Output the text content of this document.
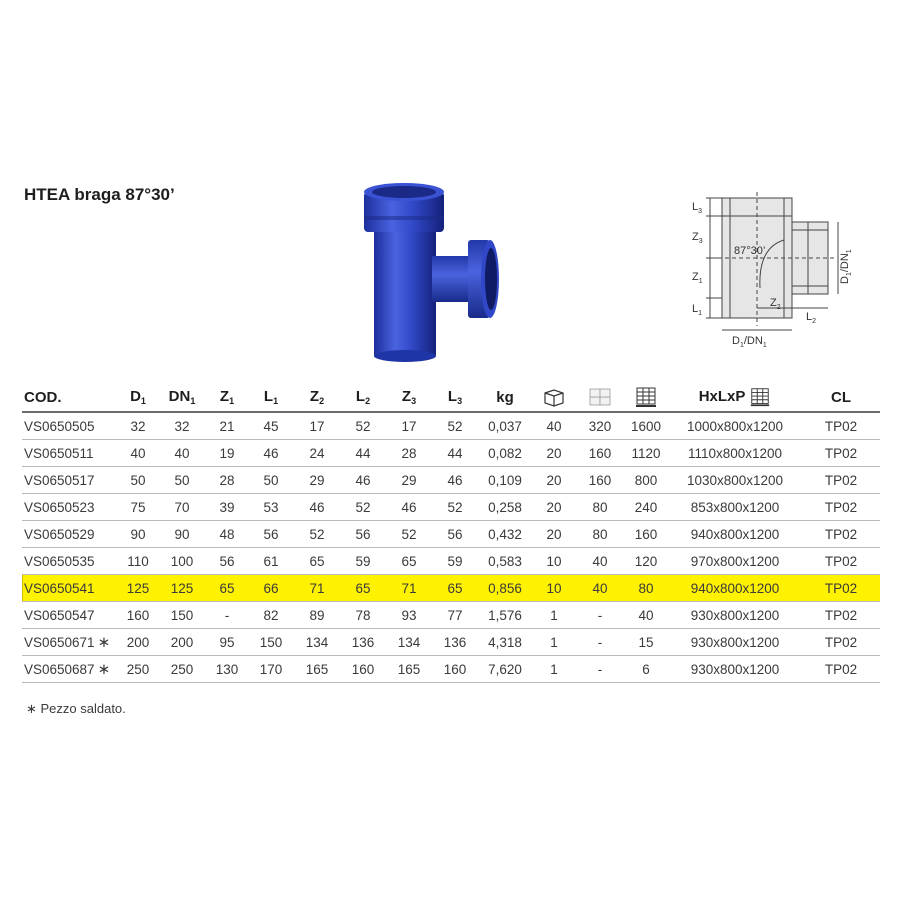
HTEA braga 87°30’
$L_3$
$Z_3$
$Z_1$
$L_1$
87°30’
$Z_2$
$L_2$
$D_1/DN_1$
$D_1/DN_1$
COD.	$D_1$	$DN_1$	$Z_1$	$L_1$	$Z_2$	$L_2$	$Z_3$	$L_3$	kg				HxLxP	CL
VS0650505	32	32	21	45	17	52	17	52	0,037	40	320	1600	1000x800x1200	TP02
VS0650511	40	40	19	46	24	44	28	44	0,082	20	160	1120	1110x800x1200	TP02
VS0650517	50	50	28	50	29	46	29	46	0,109	20	160	800	1030x800x1200	TP02
VS0650523	75	70	39	53	46	52	46	52	0,258	20	80	240	853x800x1200	TP02
VS0650529	90	90	48	56	52	56	52	56	0,432	20	80	160	940x800x1200	TP02
VS0650535	110	100	56	61	65	59	65	59	0,583	10	40	120	970x800x1200	TP02
VS0650541	125	125	65	66	71	65	71	65	0,856	10	40	80	940x800x1200	TP02
VS0650547	160	150	-	82	89	78	93	77	1,576	1	-	40	930x800x1200	TP02
VS0650671 ∗	200	200	95	150	134	136	134	136	4,318	1	-	15	930x800x1200	TP02
VS0650687 ∗	250	250	130	170	165	160	165	160	7,620	1	-	6	930x800x1200	TP02
∗ Pezzo saldato.
